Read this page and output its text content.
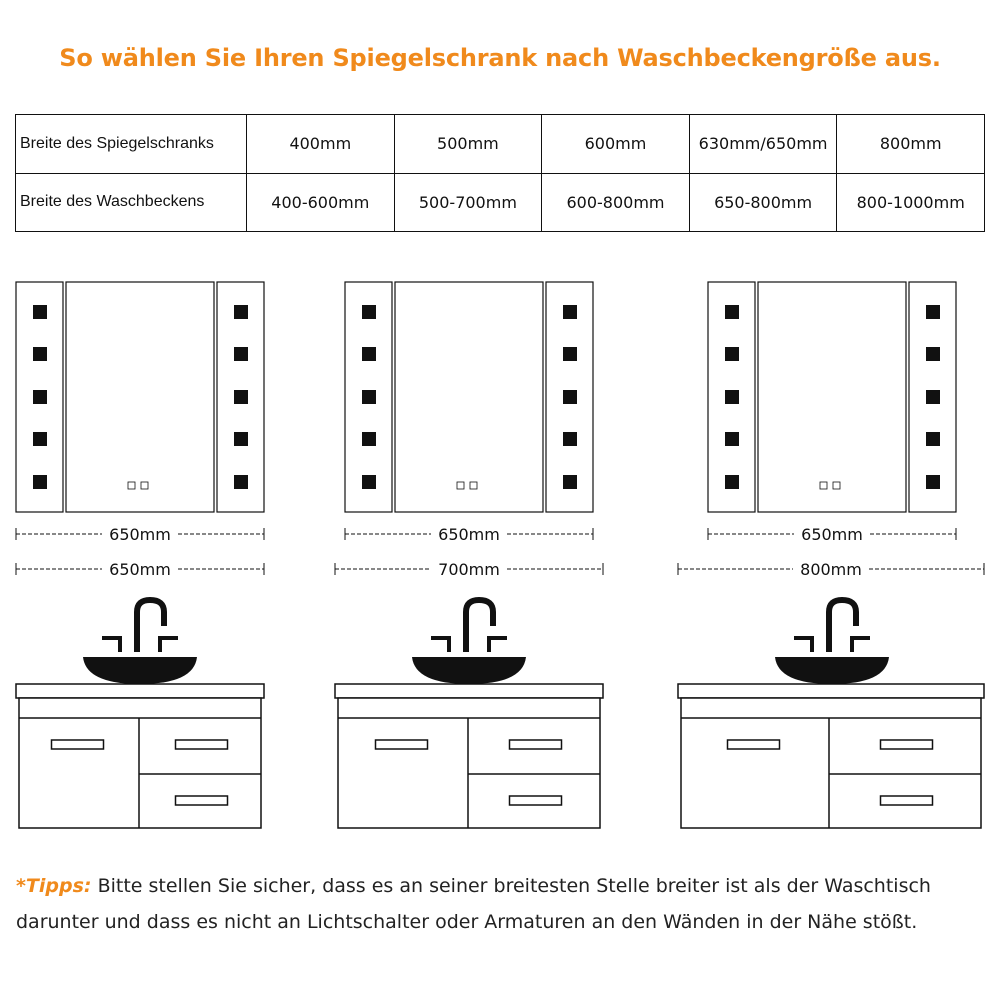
So wählen Sie Ihren Spiegelschrank nach Waschbeckengröße aus.
Breite des Spiegelschranks	400mm	500mm	600mm	630mm/650mm	800mm
Breite des Waschbeckens	400-600mm	500-700mm	600-800mm	650-800mm	800-1000mm
650mm
650mm
650mm
700mm
650mm
800mm
*Tipps: Bitte stellen Sie sicher, dass es an seiner breitesten Stelle breiter ist als der Waschtisch darunter und dass es nicht an Lichtschalter oder Armaturen an den Wänden in der Nähe stößt.
